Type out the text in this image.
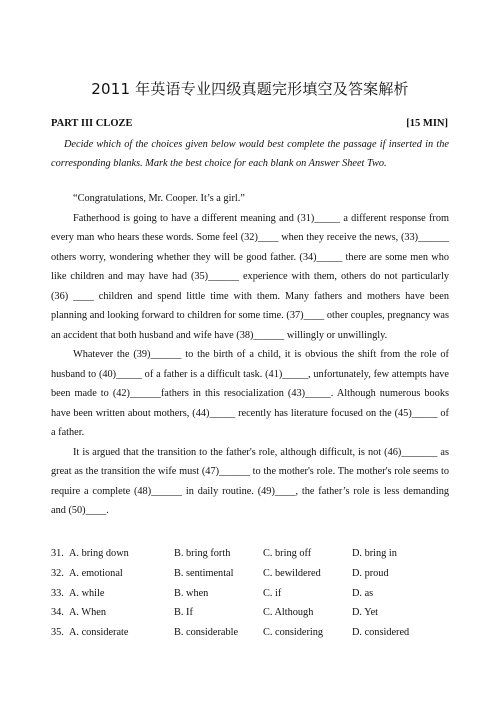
2011 年英语专业四级真题完形填空及答案解析
PART III CLOZE	[15 MIN]
Decide which of the choices given below would best complete the passage if inserted in the corresponding blanks. Mark the best choice for each blank on Answer Sheet Two.

“Congratulations, Mr. Cooper. It’s a girl.”

Fatherhood is going to have a different meaning and (31)_____ a different response from every man who hears these words. Some feel (32)____ when they receive the news, (33)______ others worry, wondering whether they will be good father. (34)_____ there are some men who like children and may have had (35)______ experience with them, others do not particularly (36) ____ children and spend little time with them. Many fathers and mothers have been planning and looking forward to children for some time. (37)____ other couples, pregnancy was an accident that both husband and wife have (38)______ willingly or unwillingly.

Whatever the (39)______ to the birth of a child, it is obvious the shift from the role of husband to (40)_____ of a father is a difficult task. (41)_____, unfortunately, few attempts have been made to (42)______fathers in this resocialization (43)_____. Although numerous books have been written about mothers, (44)_____ recently has literature focused on the (45)_____ of a father.

It is argued that the transition to the father's role, although difficult, is not (46)_______ as great as the transition the wife must (47)______ to the mother's role. The mother's role seems to require a complete (48)______ in daily routine. (49)____, the father’s role is less demanding and (50)____.

31. A. bring down	B. bring forth	C. bring off	D. bring in
32. A. emotional	B. sentimental	C. bewildered	D. proud
33. A. while	B. when	C. if	D. as
34. A. When	B. If	C. Although	D. Yet
35. A. considerate	B. considerable C. considering	D. considered
